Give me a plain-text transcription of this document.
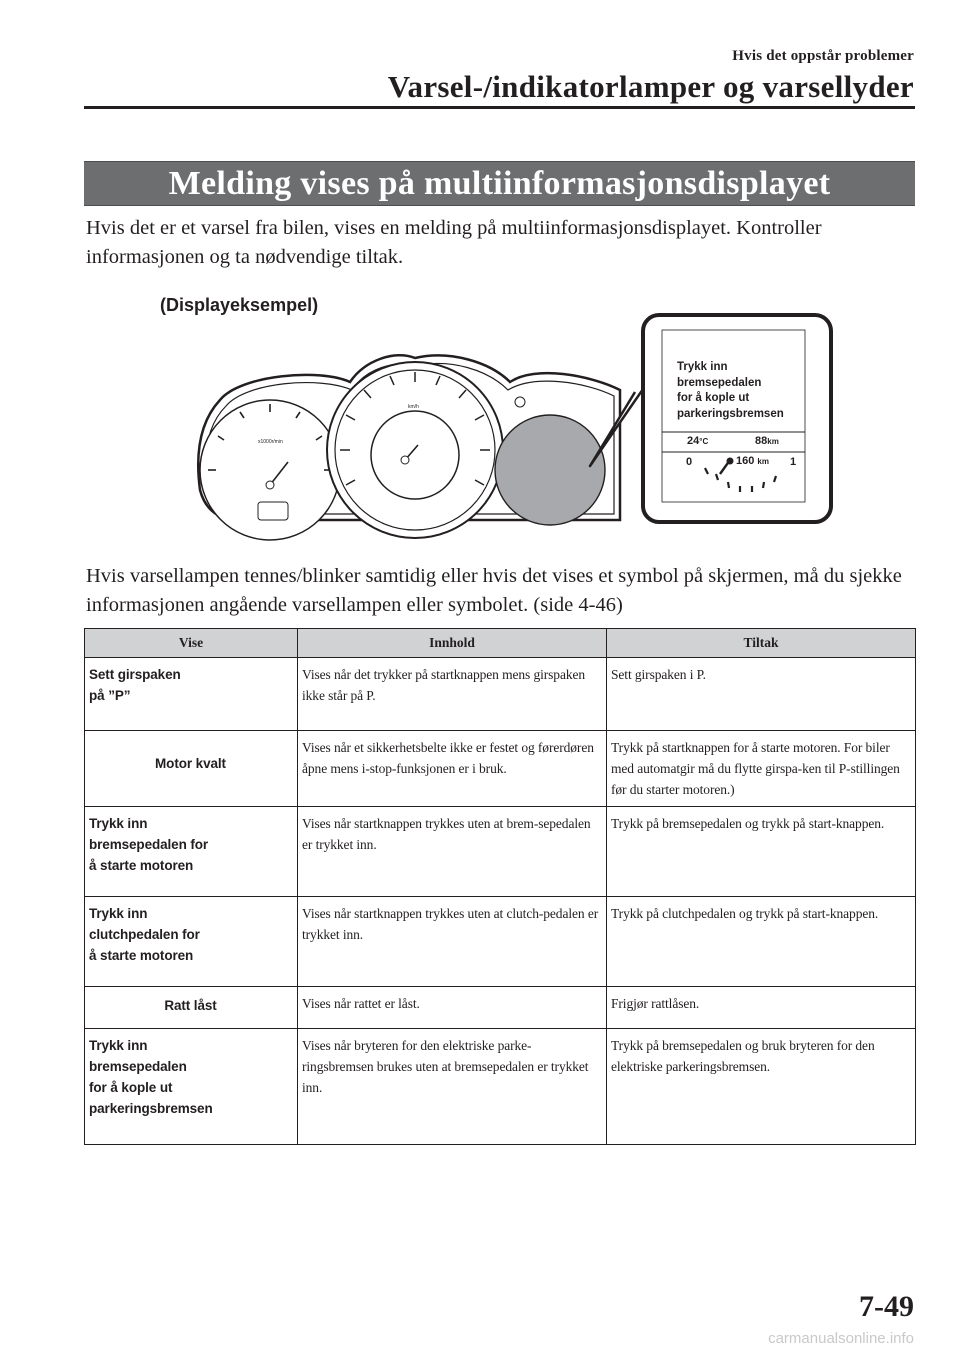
Hvis det oppstår problemer
Varsel-/indikatorlamper og varsellyder
Melding vises på multiinformasjonsdisplayet
Hvis det er et varsel fra bilen, vises en melding på multiinformasjonsdisplayet. Kontroller informasjonen og ta nødvendige tiltak.
x1000r/min
km/h
(Displayeksempel)
Trykk inn
bremsepedalen
for å kople ut
parkeringsbremsen
24°C	88km
0	1
160 km
Hvis varsellampen tennes/blinker samtidig eller hvis det vises et symbol på skjermen, må du sjekke informasjonen angående varsellampen eller symbolet. (side 4-46)
Vise	Innhold	Tiltak

Sett girspaken
på ”P”	Vises når det trykker på startknappen mens girspaken ikke står på P.	Sett girspaken i P.

Motor kvalt	Vises når et sikkerhetsbelte ikke er festet og førerdøren åpne mens i-stop-funksjonen er i bruk.	Trykk på startknappen for å starte motoren. For biler med automatgir må du flytte girspa-ken til P-stillingen før du starter motoren.)

Trykk inn
bremsepedalen for
å starte motoren	Vises når startknappen trykkes uten at brem-sepedalen er trykket inn.	Trykk på bremsepedalen og trykk på start-knappen.

Trykk inn
clutchpedalen for
å starte motoren	Vises når startknappen trykkes uten at clutch-pedalen er trykket inn.	Trykk på clutchpedalen og trykk på start-knappen.

Ratt låst	Vises når rattet er låst.	Frigjør rattlåsen.

Trykk inn
bremsepedalen
for å kople ut
parkeringsbremsen	Vises når bryteren for den elektriske parke-ringsbremsen brukes uten at bremsepedalen er trykket inn.	Trykk på bremsepedalen og bruk bryteren for den elektriske parkeringsbremsen.
7-49
carmanualsonline.info
